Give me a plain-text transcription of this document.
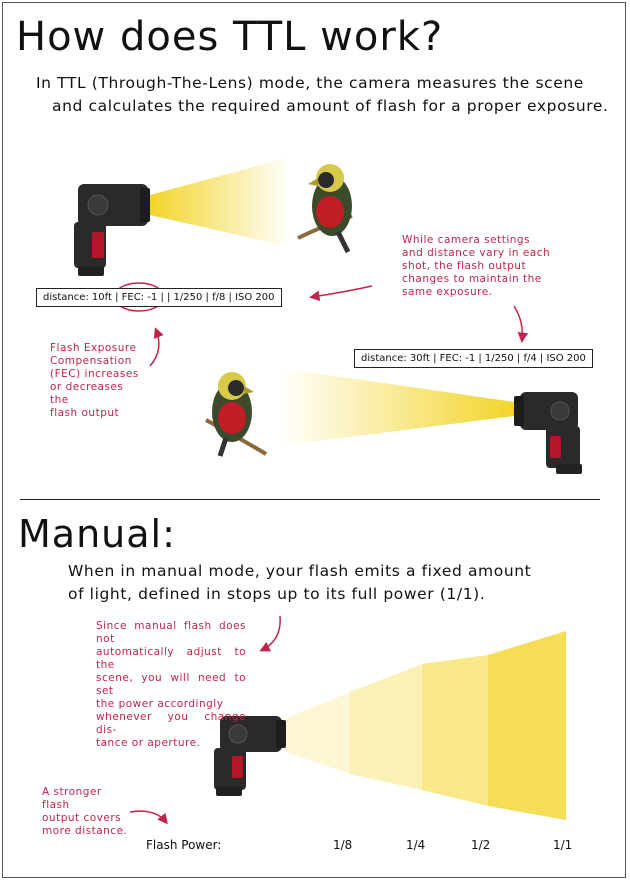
How does TTL work?
In TTL (Through-The-Lens) mode, the camera measures the scene
and calculates the required amount of flash for a proper exposure.
While camera settings
and distance vary in each
shot, the flash output
changes to maintain the
same exposure.
distance: 10ft | FEC: -1 | | 1/250 | f/8 | ISO 200
Flash Exposure
Compensation
(FEC) increases
or decreases the
flash output
distance: 30ft | FEC: -1 | 1/250 | f/4 | ISO 200
Manual:
When in manual mode, your flash emits a fixed amount
of light, defined in stops up to its full power (1/1).
Since manual flash does not
automatically adjust to the
scene, you will need to set
the power accordingly
whenever you change dis-
tance or aperture.
A stronger flash
output covers
more distance.
Flash Power:	1/8	1/4	1/2	1/1
